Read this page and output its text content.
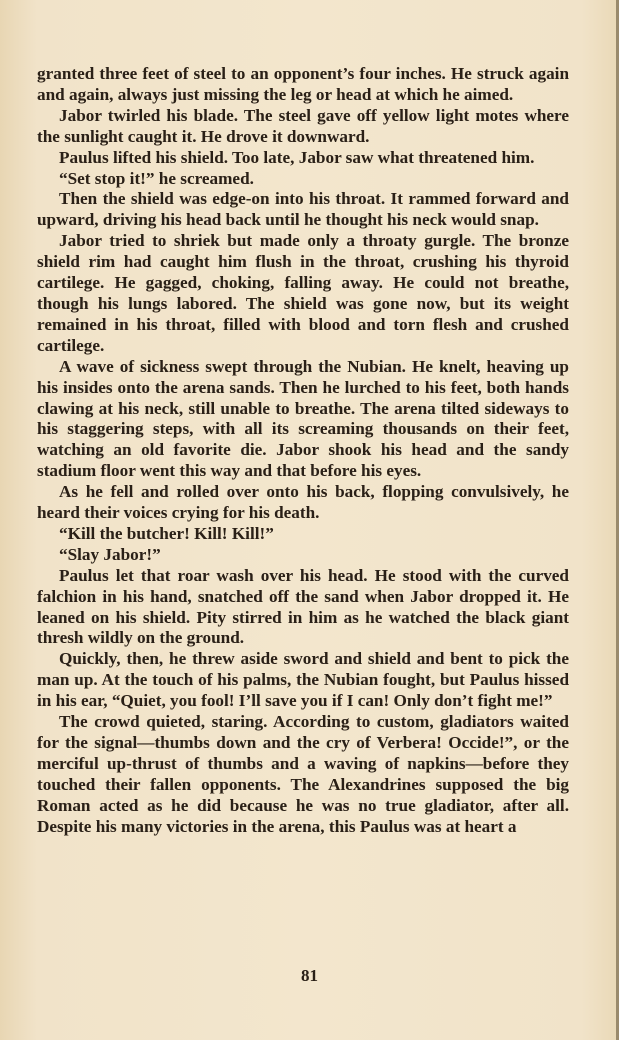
granted three feet of steel to an opponent’s four inches. He struck again and again, always just missing the leg or head at which he aimed.

Jabor twirled his blade. The steel gave off yellow light motes where the sunlight caught it. He drove it downward.

Paulus lifted his shield. Too late, Jabor saw what threatened him.

“Set stop it!” he screamed.

Then the shield was edge-on into his throat. It rammed forward and upward, driving his head back until he thought his neck would snap.

Jabor tried to shriek but made only a throaty gurgle. The bronze shield rim had caught him flush in the throat, crushing his thyroid cartilege. He gagged, choking, falling away. He could not breathe, though his lungs labored. The shield was gone now, but its weight remained in his throat, filled with blood and torn flesh and crushed cartilege.

A wave of sickness swept through the Nubian. He knelt, heaving up his insides onto the arena sands. Then he lurched to his feet, both hands clawing at his neck, still unable to breathe. The arena tilted sideways to his staggering steps, with all its screaming thousands on their feet, watching an old favorite die. Jabor shook his head and the sandy stadium floor went this way and that before his eyes.

As he fell and rolled over onto his back, flopping convulsively, he heard their voices crying for his death.

“Kill the butcher! Kill! Kill!”

“Slay Jabor!”

Paulus let that roar wash over his head. He stood with the curved falchion in his hand, snatched off the sand when Jabor dropped it. He leaned on his shield. Pity stirred in him as he watched the black giant thresh wildly on the ground.

Quickly, then, he threw aside sword and shield and bent to pick the man up. At the touch of his palms, the Nubian fought, but Paulus hissed in his ear, “Quiet, you fool! I’ll save you if I can! Only don’t fight me!”

The crowd quieted, staring. According to custom, gladiators waited for the signal—thumbs down and the cry of Verbera! Occide!”, or the merciful up-thrust of thumbs and a waving of napkins—before they touched their fallen opponents. The Alexandrines supposed the big Roman acted as he did because he was no true gladiator, after all. Despite his many victories in the arena, this Paulus was at heart a

81
